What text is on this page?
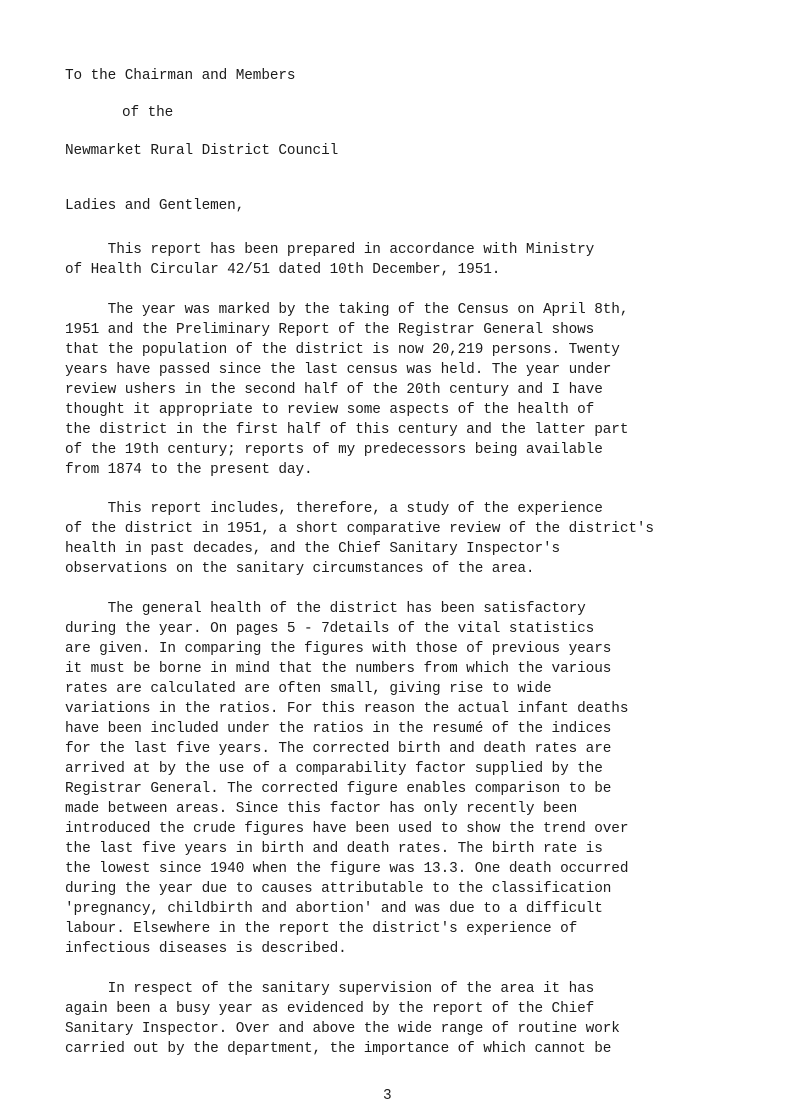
To the Chairman and Members
of the
Newmarket Rural District Council
Ladies and Gentlemen,
This report has been prepared in accordance with Ministry
of Health Circular 42/51 dated 10th December, 1951.
The year was marked by the taking of the Census on April 8th,
1951 and the Preliminary Report of the Registrar General shows
that the population of the district is now 20,219 persons. Twenty
years have passed since the last census was held. The year under
review ushers in the second half of the 20th century and I have
thought it appropriate to review some aspects of the health of
the district in the first half of this century and the latter part
of the 19th century; reports of my predecessors being available
from 1874 to the present day.
This report includes, therefore, a study of the experience
of the district in 1951, a short comparative review of the district's
health in past decades, and the Chief Sanitary Inspector's
observations on the sanitary circumstances of the area.
The general health of the district has been satisfactory
during the year. On pages 5 - 7details of the vital statistics
are given. In comparing the figures with those of previous years
it must be borne in mind that the numbers from which the various
rates are calculated are often small, giving rise to wide
variations in the ratios. For this reason the actual infant deaths
have been included under the ratios in the resumé of the indices
for the last five years. The corrected birth and death rates are
arrived at by the use of a comparability factor supplied by the
Registrar General. The corrected figure enables comparison to be
made between areas. Since this factor has only recently been
introduced the crude figures have been used to show the trend over
the last five years in birth and death rates. The birth rate is
the lowest since 1940 when the figure was 13.3. One death occurred
during the year due to causes attributable to the classification
'pregnancy, childbirth and abortion' and was due to a difficult
labour. Elsewhere in the report the district's experience of
infectious diseases is described.
In respect of the sanitary supervision of the area it has
again been a busy year as evidenced by the report of the Chief
Sanitary Inspector. Over and above the wide range of routine work
carried out by the department, the importance of which cannot be
3
